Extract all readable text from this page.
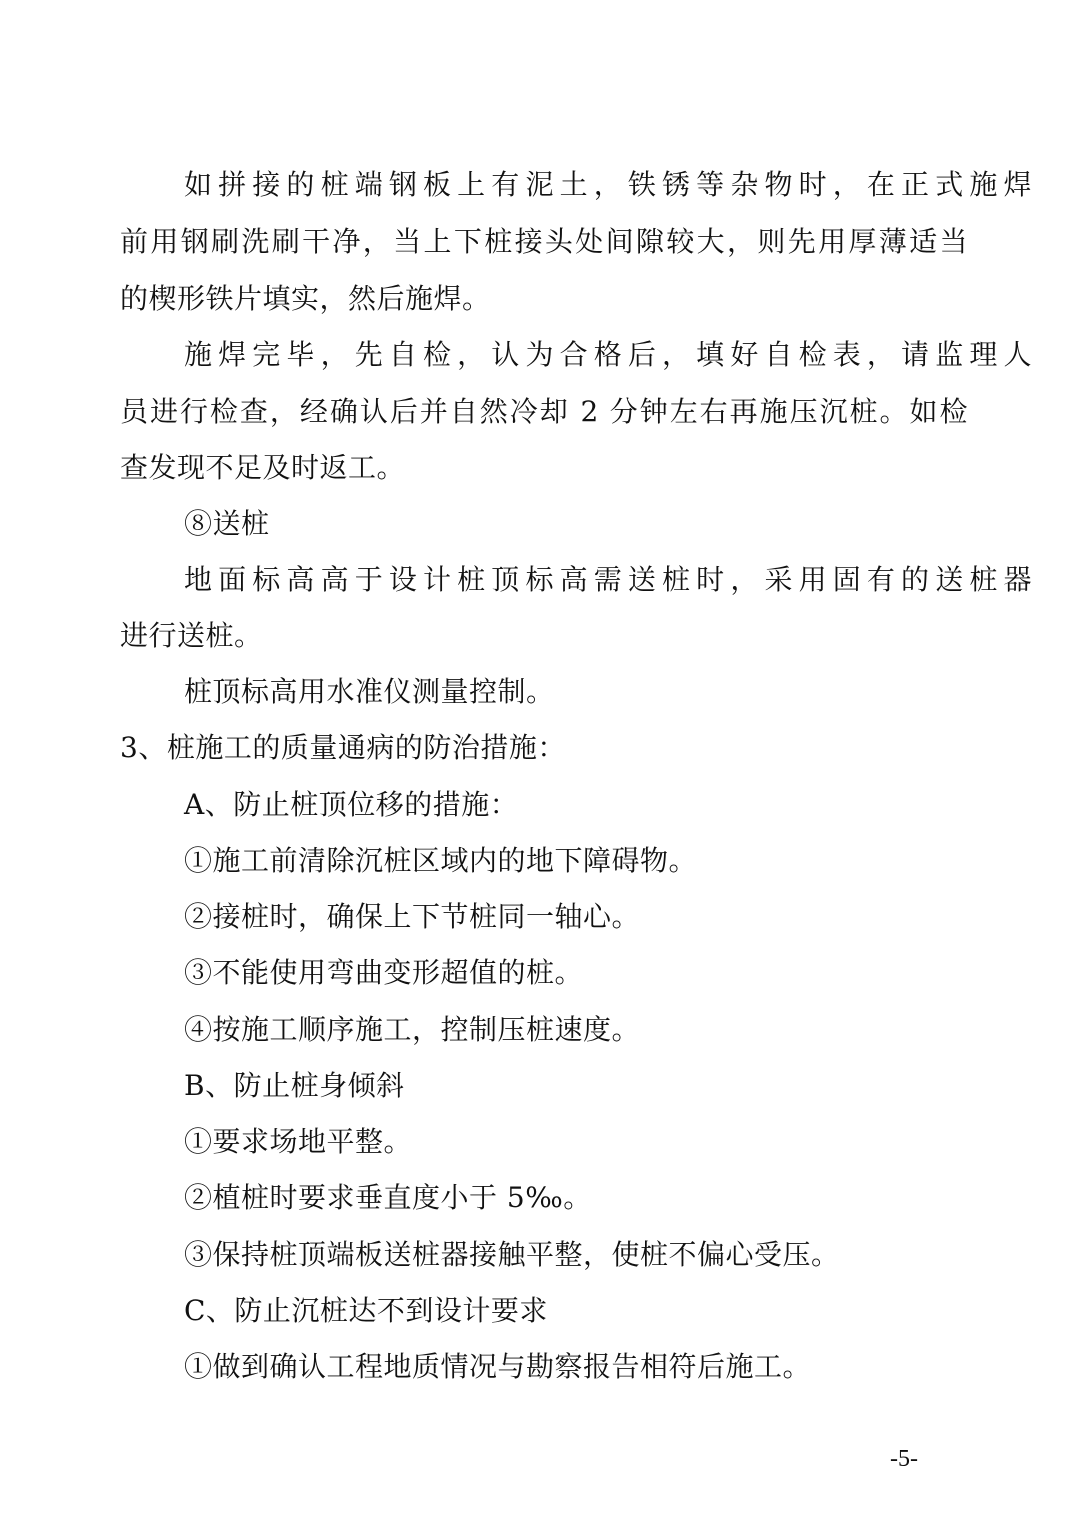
如拼接的桩端钢板上有泥土，铁锈等杂物时，在正式施焊
前用钢刷洗刷干净，当上下桩接头处间隙较大，则先用厚薄适当
的楔形铁片填实，然后施焊。
施焊完毕，先自检，认为合格后，填好自检表，请监理人
员进行检查，经确认后并自然冷却 2 分钟左右再施压沉桩。如检
查发现不足及时返工。
⑧送桩
地面标高高于设计桩顶标高需送桩时，采用固有的送桩器
进行送桩。
桩顶标高用水准仪测量控制。
3、桩施工的质量通病的防治措施：
A、防止桩顶位移的措施：
①施工前清除沉桩区域内的地下障碍物。
②接桩时，确保上下节桩同一轴心。
③不能使用弯曲变形超值的桩。
④按施工顺序施工，控制压桩速度。
B、防止桩身倾斜
①要求场地平整。
②植桩时要求垂直度小于 5‰。
③保持桩顶端板送桩器接触平整，使桩不偏心受压。
C、防止沉桩达不到设计要求
①做到确认工程地质情况与勘察报告相符后施工。
-5-
